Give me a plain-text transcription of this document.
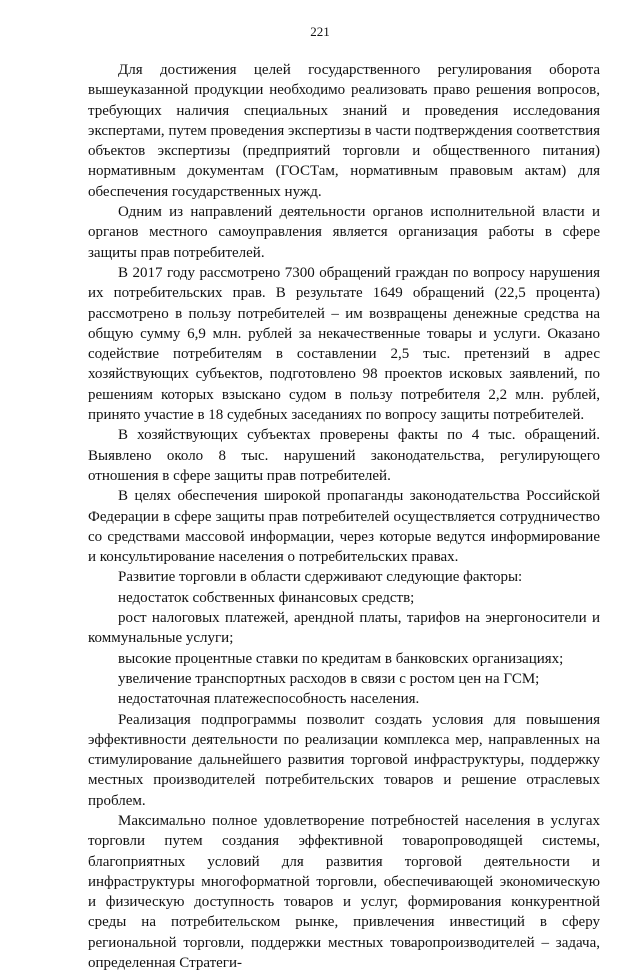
221

Для достижения целей государственного регулирования оборота вышеуказанной продукции необходимо реализовать право решения вопросов, требующих наличия специальных знаний и проведения исследования экспертами, путем проведения экспертизы в части подтверждения соответствия объектов экспертизы (предприятий торговли и общественного питания) нормативным документам (ГОСТам, нормативным правовым актам) для обеспечения государственных нужд.

Одним из направлений деятельности органов исполнительной власти и органов местного самоуправления является организация работы в сфере защиты прав потребителей.

В 2017 году рассмотрено 7300 обращений граждан по вопросу нарушения их потребительских прав. В результате 1649 обращений (22,5 процента) рассмотрено в пользу потребителей – им возвращены денежные средства на общую сумму 6,9 млн. рублей за некачественные товары и услуги. Оказано содействие потребителям в составлении 2,5 тыс. претензий в адрес хозяйствующих субъектов, подготовлено 98 проектов исковых заявлений, по решениям которых взыскано судом в пользу потребителя 2,2 млн. рублей, принято участие в 18 судебных заседаниях по вопросу защиты потребителей.

В хозяйствующих субъектах проверены факты по 4 тыс. обращений. Выявлено около 8 тыс. нарушений законодательства, регулирующего отношения в сфере защиты прав потребителей.

В целях обеспечения широкой пропаганды законодательства Российской Федерации в сфере защиты прав потребителей осуществляется сотрудничество со средствами массовой информации, через которые ведутся информирование и консультирование населения о потребительских правах.

Развитие торговли в области сдерживают следующие факторы:

недостаток собственных финансовых средств;

рост налоговых платежей, арендной платы, тарифов на энергоносители и коммунальные услуги;

высокие процентные ставки по кредитам в банковских организациях;

увеличение транспортных расходов в связи с ростом цен на ГСМ;

недостаточная платежеспособность населения.

Реализация подпрограммы позволит создать условия для повышения эффективности деятельности по реализации комплекса мер, направленных на стимулирование дальнейшего развития торговой инфраструктуры, поддержку местных производителей потребительских товаров и решение отраслевых проблем.

Максимально полное удовлетворение потребностей населения в услугах торговли путем создания эффективной товаропроводящей системы, благоприятных условий для развития торговой деятельности и инфраструктуры многоформатной торговли, обеспечивающей экономическую и физическую доступность товаров и услуг, формирования конкурентной среды на потребительском рынке, привлечения инвестиций в сферу региональной торговли, поддержки местных товаропроизводителей – задача, определенная Стратеги-
